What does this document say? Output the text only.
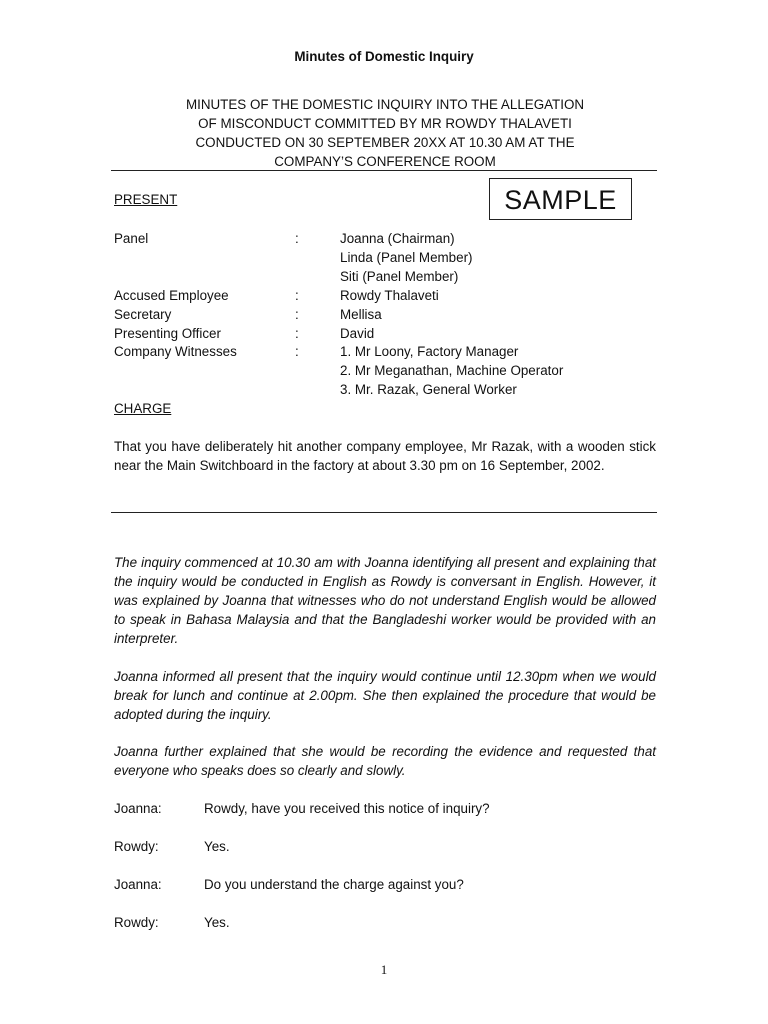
Minutes of Domestic Inquiry
MINUTES OF THE DOMESTIC INQUIRY INTO THE ALLEGATION
OF MISCONDUCT COMMITTED BY MR ROWDY THALAVETI
CONDUCTED ON 30 SEPTEMBER 20XX AT 10.30 AM AT THE
COMPANY’S CONFERENCE ROOM
SAMPLE
PRESENT
Panel	:	Joanna (Chairman)
Linda (Panel Member)
Siti (Panel Member)
Accused Employee	:	Rowdy Thalaveti
Secretary	:	Mellisa
Presenting Officer	:	David
Company Witnesses	:	1. Mr Loony, Factory Manager
2. Mr Meganathan, Machine Operator
3. Mr. Razak, General Worker
CHARGE
That you have deliberately hit another company employee, Mr Razak, with a wooden stick near the Main Switchboard in the factory at about 3.30 pm on 16 September, 2002.
The inquiry commenced at 10.30 am with Joanna identifying all present and explaining that the inquiry would be conducted in English as Rowdy is conversant in English. However, it was explained by Joanna that witnesses who do not understand English would be allowed to speak in Bahasa Malaysia and that the Bangladeshi worker would be provided with an interpreter.
Joanna informed all present that the inquiry would continue until 12.30pm when we would break for lunch and continue at 2.00pm. She then explained the procedure that would be adopted during the inquiry.
Joanna further explained that she would be recording the evidence and requested that everyone who speaks does so clearly and slowly.
Joanna:	Rowdy, have you received this notice of inquiry?
Rowdy:	Yes.
Joanna:	Do you understand the charge against you?
Rowdy:	Yes.
1
